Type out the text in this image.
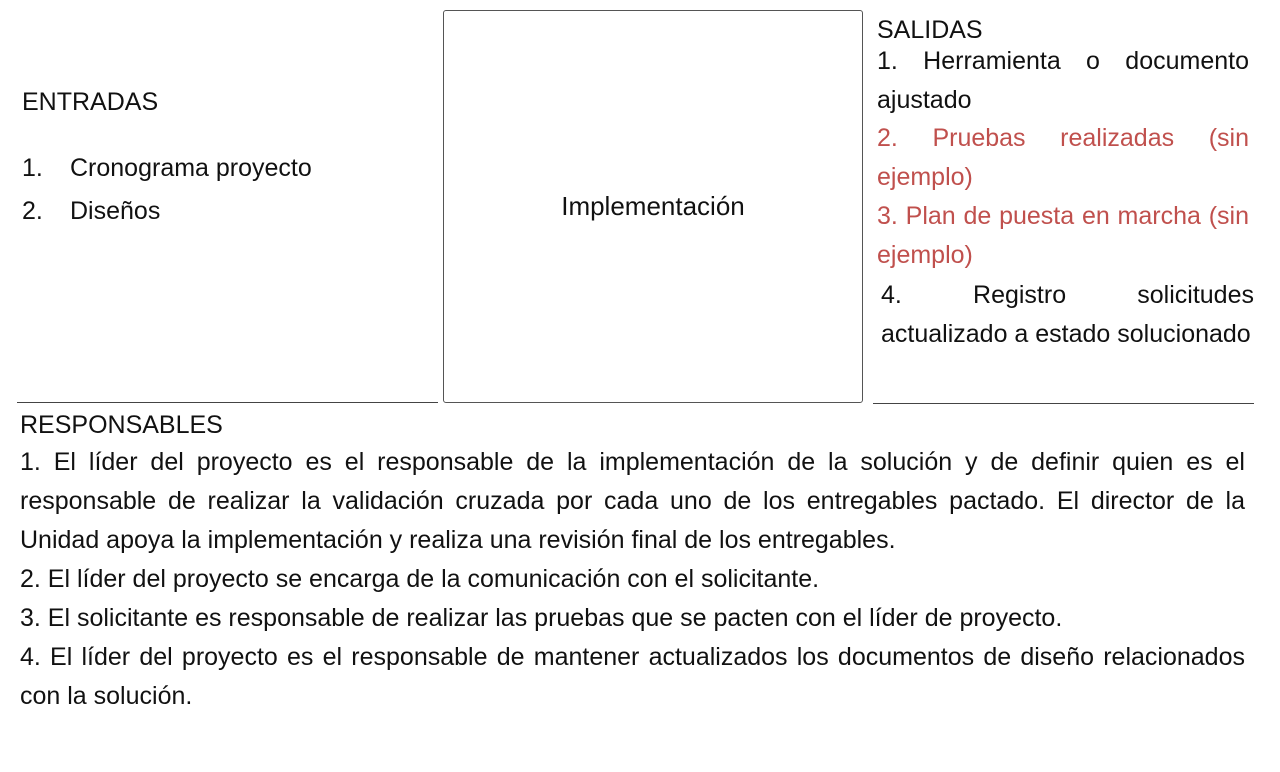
ENTRADAS
1.	Cronograma proyecto
2.	Diseños	Implementación
SALIDAS
1. Herramienta o documento ajustado
2. Pruebas realizadas (sin ejemplo)
3. Plan de puesta en marcha (sin ejemplo)
4. Registro solicitudes actualizado a estado solucionado
RESPONSABLES

1. El líder del proyecto es el responsable de la implementación de la solución y de definir quien es el responsable de realizar la validación cruzada por cada uno de los entregables pactado. El director de la Unidad apoya la implementación y realiza una revisión final de los entregables.

2. El líder del proyecto se encarga de la comunicación con el solicitante.

3. El solicitante es responsable de realizar las pruebas que se pacten con el líder de proyecto.

4. El líder del proyecto es el responsable de mantener actualizados los documentos de diseño relacionados con la solución.
